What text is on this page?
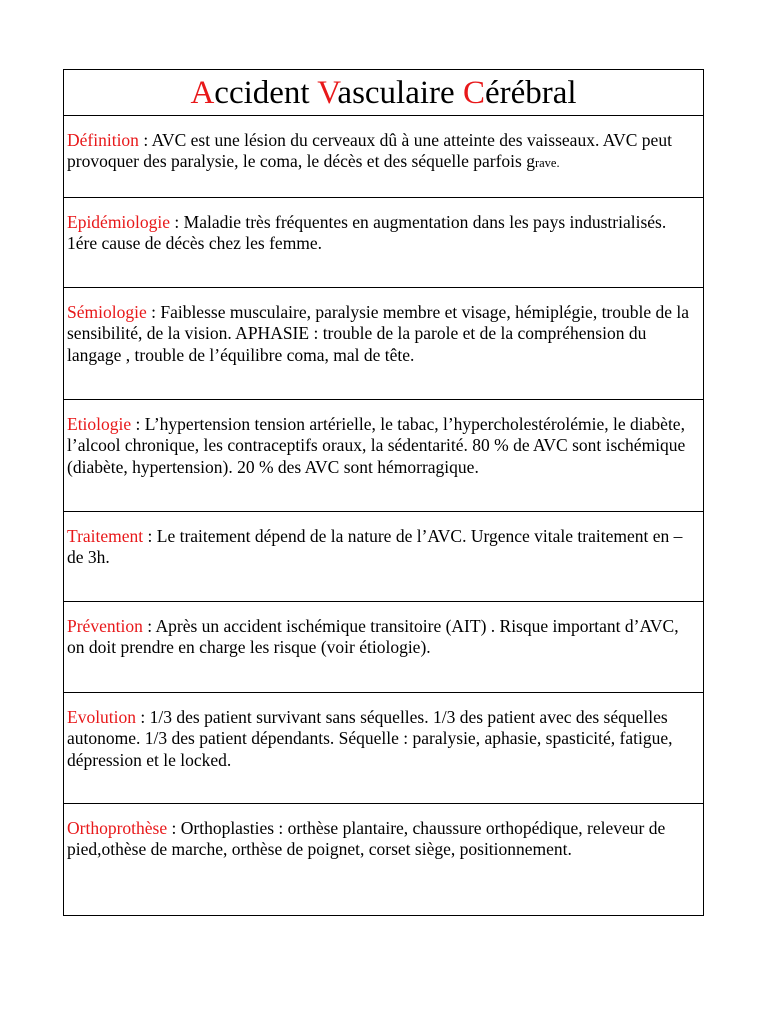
Accident Vasculaire Cérébral
Définition : AVC est une lésion du cerveaux dû à une atteinte des vaisseaux. AVC peut provoquer des paralysie, le coma, le décès et des séquelle parfois grave.
Epidémiologie : Maladie très fréquentes en augmentation dans les pays industrialisés. 1ére cause de décès chez les femme.
Sémiologie : Faiblesse musculaire, paralysie membre et visage, hémiplégie, trouble de la sensibilité, de la vision. APHASIE : trouble de la parole et de la compréhension du langage , trouble de l’équilibre coma, mal de tête.
Etiologie : L’hypertension tension artérielle, le tabac, l’hypercholestérolémie, le diabète, l’alcool chronique, les contraceptifs oraux, la sédentarité. 80 % de AVC sont ischémique (diabète, hypertension). 20 % des AVC sont hémorragique.
Traitement : Le traitement dépend de la nature de l’AVC. Urgence vitale traitement en – de 3h.
Prévention : Après un accident ischémique transitoire (AIT) . Risque important d’AVC, on doit prendre en charge les risque (voir étiologie).
Evolution : 1/3 des patient survivant sans séquelles. 1/3 des patient avec des séquelles autonome. 1/3 des patient dépendants. Séquelle : paralysie, aphasie, spasticité, fatigue, dépression et le locked.
Orthoprothèse : Orthoplasties : orthèse plantaire, chaussure orthopédique, releveur de pied,othèse de marche, orthèse de poignet, corset siège, positionnement.
